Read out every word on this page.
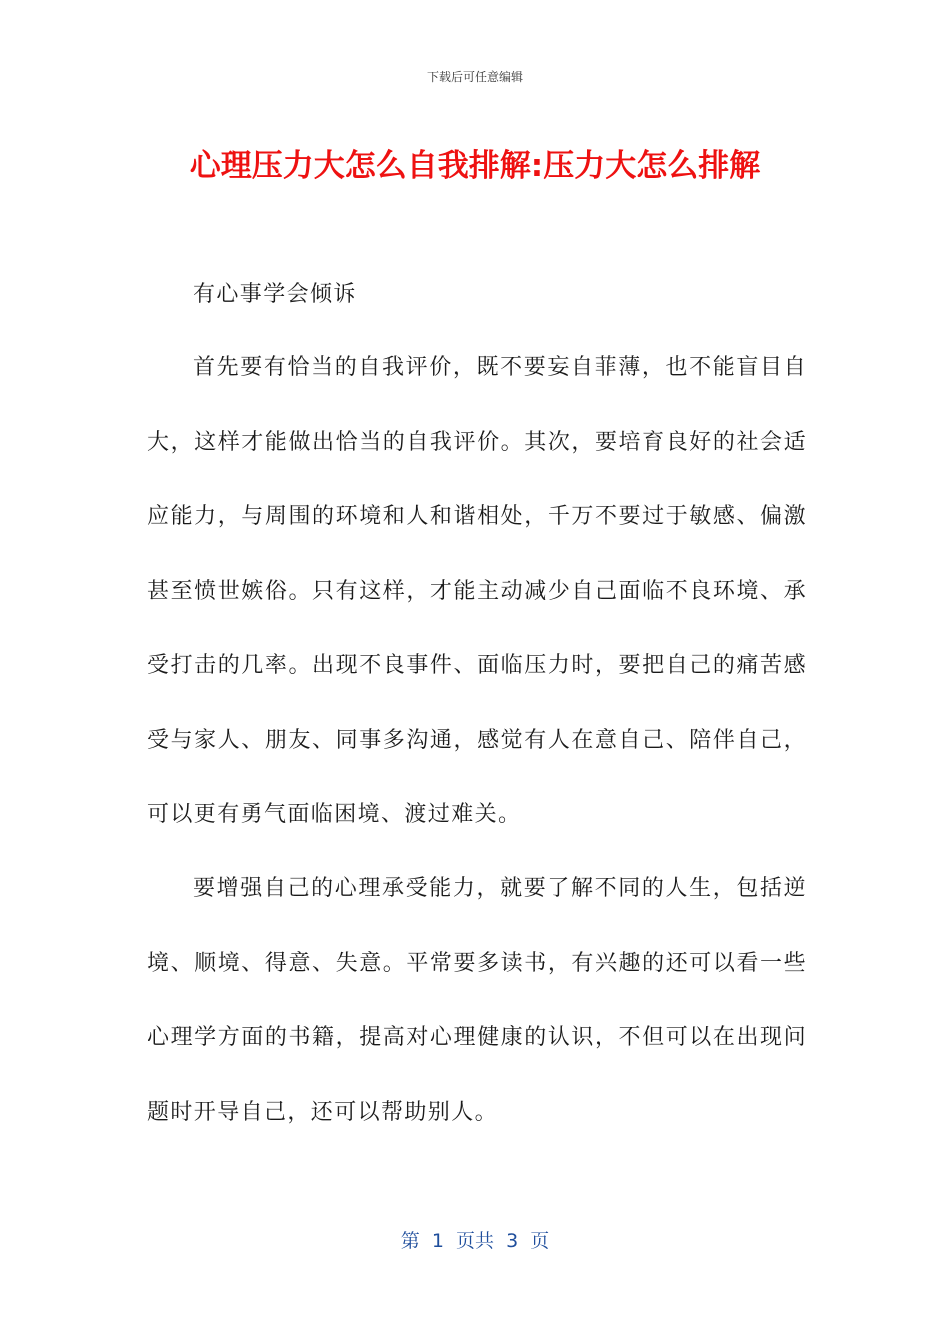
下载后可任意编辑
心理压力大怎么自我排解:压力大怎么排解

有心事学会倾诉

首先要有恰当的自我评价，既不要妄自菲薄，也不能盲目自大，这样才能做出恰当的自我评价。其次，要培育良好的社会适应能力，与周围的环境和人和谐相处，千万不要过于敏感、偏激甚至愤世嫉俗。只有这样，才能主动减少自己面临不良环境、承受打击的几率。出现不良事件、面临压力时，要把自己的痛苦感受与家人、朋友、同事多沟通，感觉有人在意自己、陪伴自己，可以更有勇气面临困境、渡过难关。

要增强自己的心理承受能力，就要了解不同的人生，包括逆境、顺境、得意、失意。平常要多读书，有兴趣的还可以看一些心理学方面的书籍，提高对心理健康的认识，不但可以在出现问题时开导自己，还可以帮助别人。

第  1  页共  3  页
